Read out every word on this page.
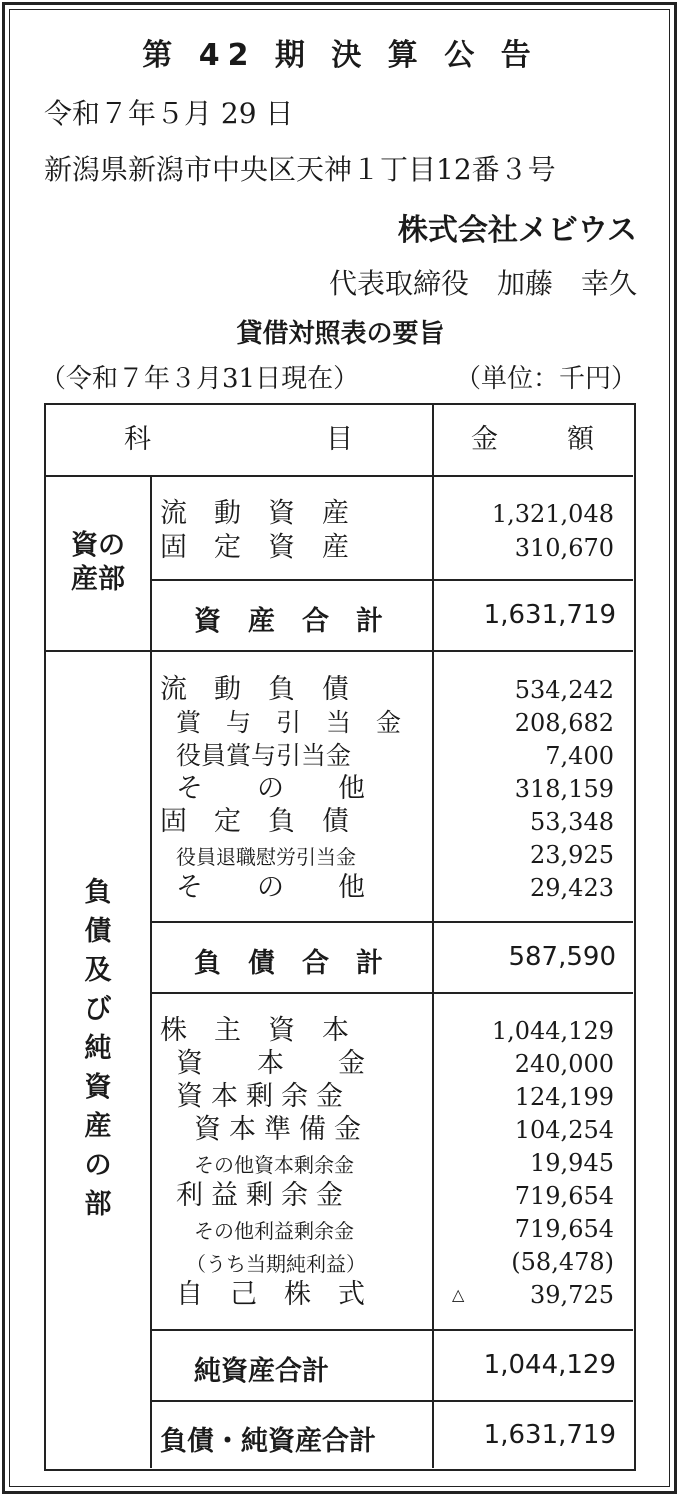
第 42 期 決 算 公 告
令和７年５月 29 日
新潟県新潟市中央区天神１丁目12番３号
株式会社メビウス
代表取締役　加藤　幸久
貸借対照表の要旨
（令和７年３月31日現在）	（単位：千円）
科	目	金	額
資の
産部
流　動　資　産	1,321,048
固　定　資　産	310,670
資　産　合　計	1,631,719
負
債
及
び
純
資
産
の
部
流　動　負　債	534,242
賞　与　引　当　金	208,682
役員賞与引当金	7,400
そ　　の　　他	318,159
固　定　負　債	53,348
役員退職慰労引当金	23,925
そ　　の　　他	29,423
負　債　合　計	587,590
株　主　資　本	1,044,129
資　　本　　金	240,000
資本剰余金	124,199
資本準備金	104,254
その他資本剰余金	19,945
利益剰余金	719,654
その他利益剰余金	719,654
（うち当期純利益）	(58,478)
自　己　株　式	△	39,725
純資産合計	1,044,129
負債・純資産合計	1,631,719
